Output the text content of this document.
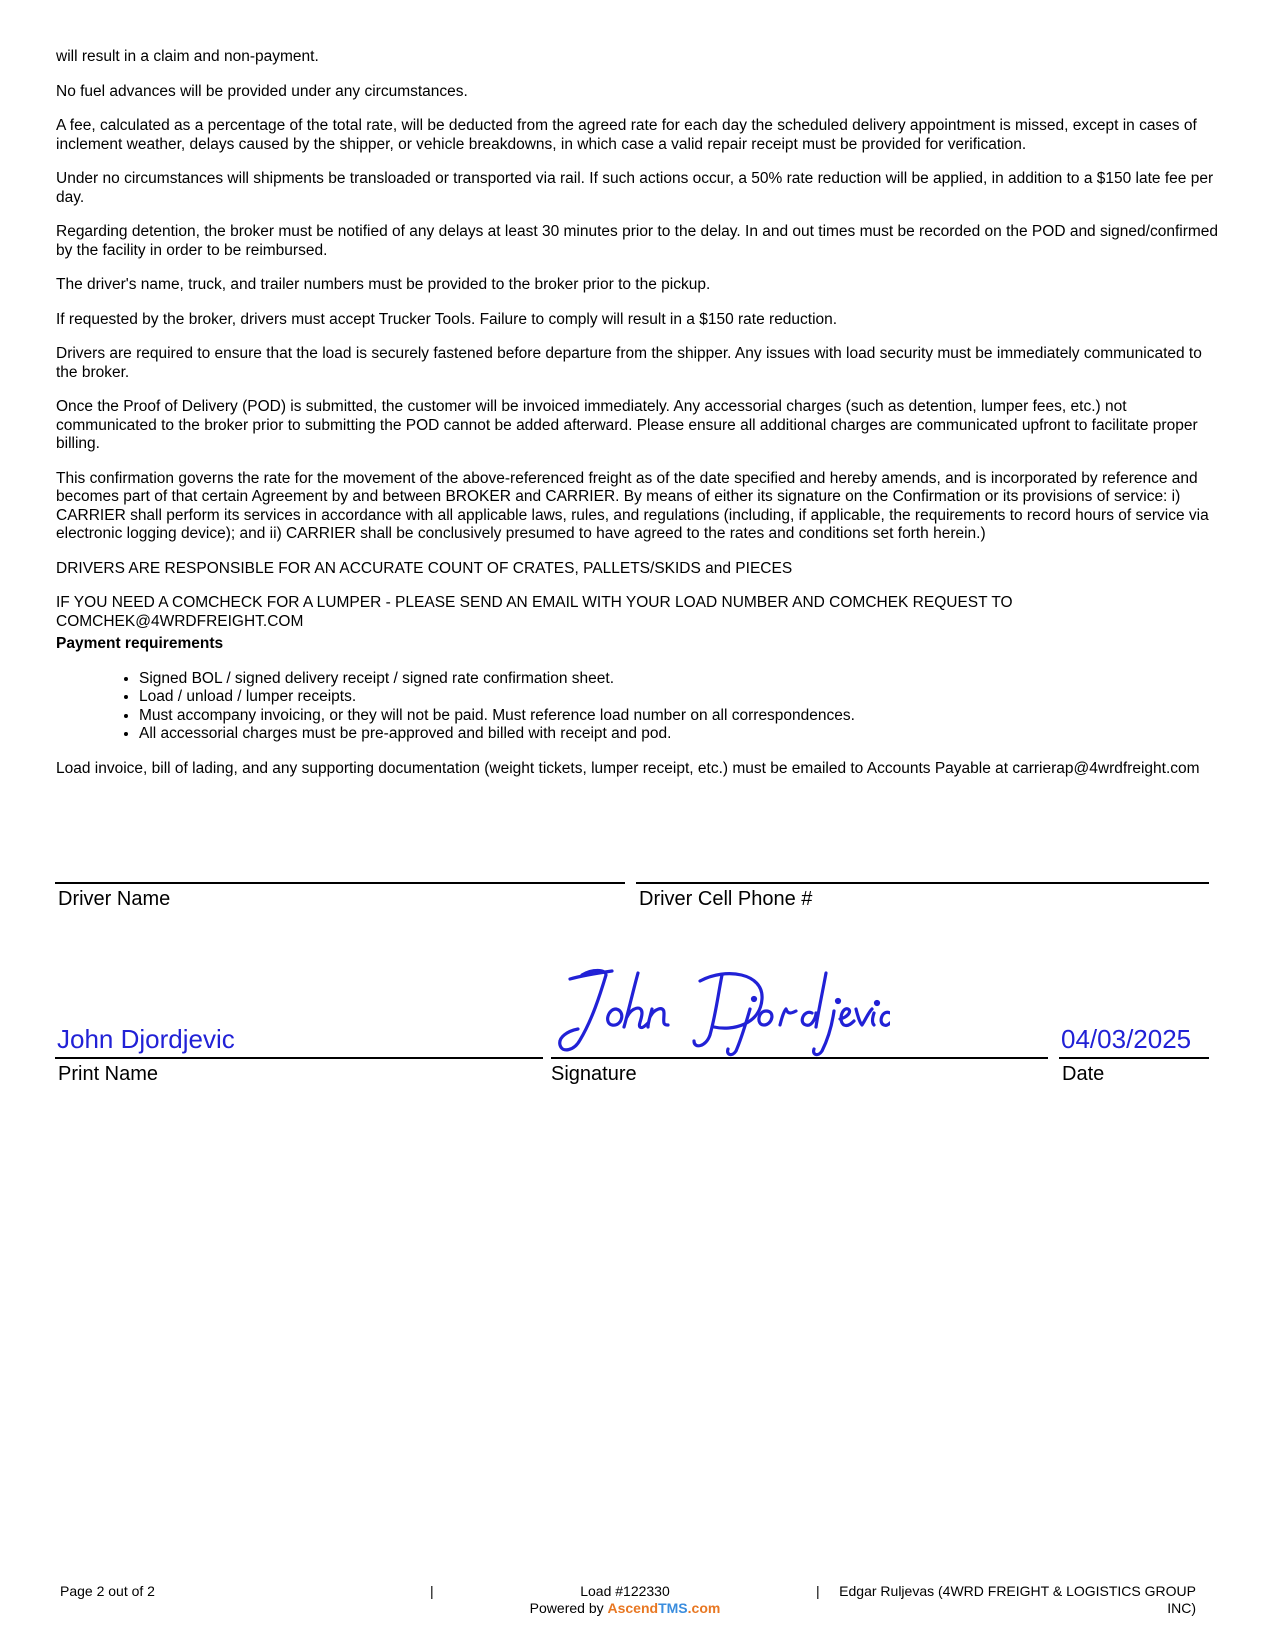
will result in a claim and non-payment.

No fuel advances will be provided under any circumstances.

A fee, calculated as a percentage of the total rate, will be deducted from the agreed rate for each day the scheduled delivery appointment is missed, except in cases of inclement weather, delays caused by the shipper, or vehicle breakdowns, in which case a valid repair receipt must be provided for verification.

Under no circumstances will shipments be transloaded or transported via rail. If such actions occur, a 50% rate reduction will be applied, in addition to a $150 late fee per day.

Regarding detention, the broker must be notified of any delays at least 30 minutes prior to the delay. In and out times must be recorded on the POD and signed/confirmed by the facility in order to be reimbursed.

The driver's name, truck, and trailer numbers must be provided to the broker prior to the pickup.

If requested by the broker, drivers must accept Trucker Tools. Failure to comply will result in a $150 rate reduction.

Drivers are required to ensure that the load is securely fastened before departure from the shipper. Any issues with load security must be immediately communicated to the broker.

Once the Proof of Delivery (POD) is submitted, the customer will be invoiced immediately. Any accessorial charges (such as detention, lumper fees, etc.) not communicated to the broker prior to submitting the POD cannot be added afterward. Please ensure all additional charges are communicated upfront to facilitate proper billing.

This confirmation governs the rate for the movement of the above-referenced freight as of the date specified and hereby amends, and is incorporated by reference and becomes part of that certain Agreement by and between BROKER and CARRIER. By means of either its signature on the Confirmation or its provisions of service: i) CARRIER shall perform its services in accordance with all applicable laws, rules, and regulations (including, if applicable, the requirements to record hours of service via electronic logging device); and ii) CARRIER shall be conclusively presumed to have agreed to the rates and conditions set forth herein.)

DRIVERS ARE RESPONSIBLE FOR AN ACCURATE COUNT OF CRATES, PALLETS/SKIDS and PIECES

IF YOU NEED A COMCHECK FOR A LUMPER - PLEASE SEND AN EMAIL WITH YOUR LOAD NUMBER AND COMCHEK REQUEST TO COMCHEK@4WRDFREIGHT.COM

Payment requirements
• Signed BOL / signed delivery receipt / signed rate confirmation sheet.
• Load / unload / lumper receipts.
• Must accompany invoicing, or they will not be paid. Must reference load number on all correspondences.
• All accessorial charges must be pre-approved and billed with receipt and pod.

Load invoice, bill of lading, and any supporting documentation (weight tickets, lumper receipt, etc.) must be emailed to Accounts Payable at carrierap@4wrdfreight.com

Driver Name	Driver Cell Phone #
John Djordjevic
Print Name	Signature
04/03/2025
Date
Page 2 out of 2	|	Load #122330
Powered by AscendTMS.com
|	Edgar Ruljevas (4WRD FREIGHT & LOGISTICS GROUP INC)
